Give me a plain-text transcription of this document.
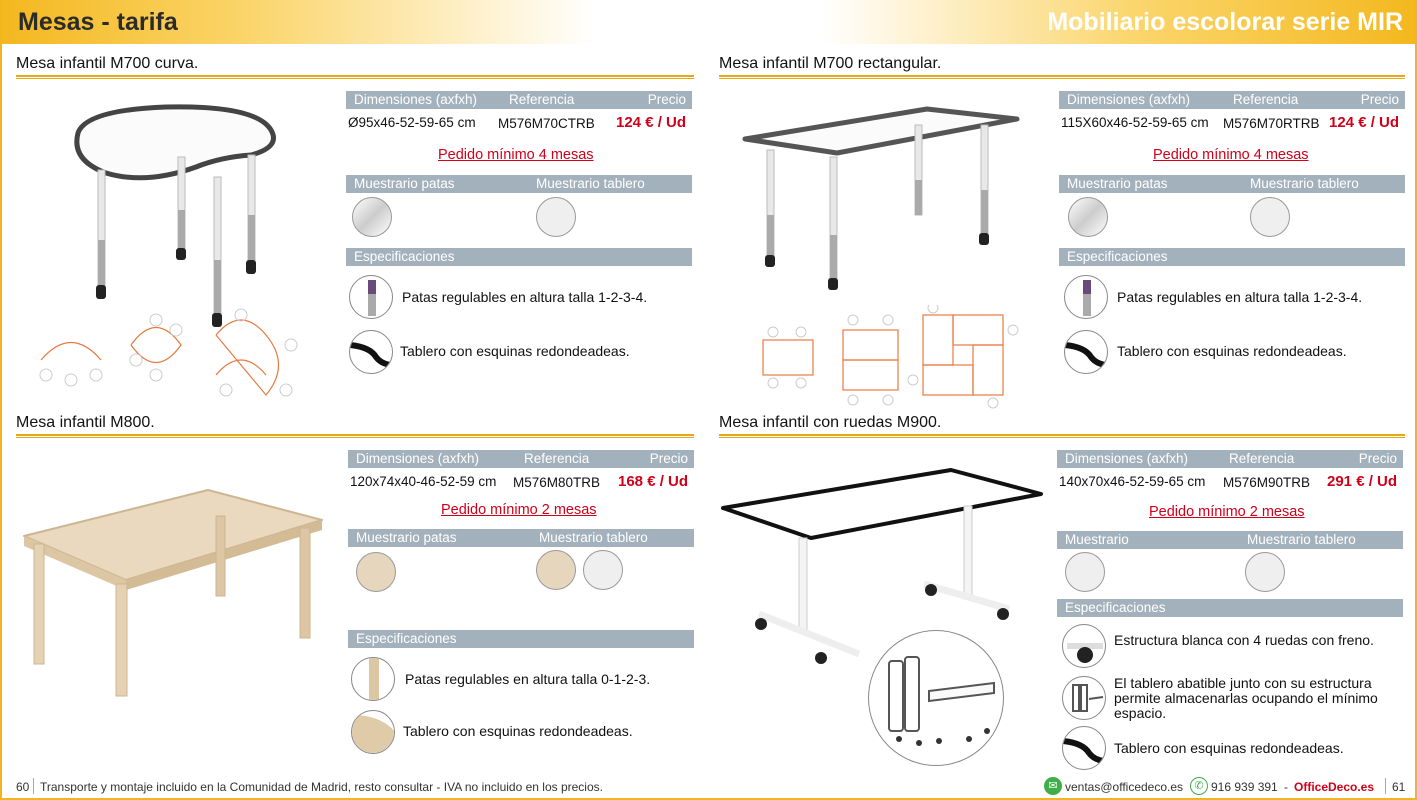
Mesas - tarifa	Mobiliario escolorar serie MIR
Mesa infantil M700 curva.
Dimensiones (axfxh) Referencia	Precio
Ø95x46-52-59-65 cm M576M70CTRB 124 € / Ud
Pedido mínimo 4 mesas
Muestrario patas	Muestrario tablero
Especificaciones
Patas regulables en altura talla 1-2-3-4.
Tablero con esquinas redondeadeas.
Mesa infantil M700 rectangular.
Dimensiones (axfxh)	Referencia	Precio
115X60x46-52-59-65 cm M576M70RTRB 124 € / Ud
Pedido mínimo 4 mesas
Muestrario patas	Muestrario tablero
Especificaciones
Patas regulables en altura talla 1-2-3-4.
Tablero con esquinas redondeadeas.
Mesa infantil M800.
Dimensiones (axfxh)	Referencia	Precio
120x74x40-46-52-59 cm M576M80TRB 168 € / Ud
Pedido mínimo 2 mesas
Muestrario patas	Muestrario tablero
Especificaciones
Patas regulables en altura talla 0-1-2-3.
Tablero con esquinas redondeadeas.
Mesa infantil con ruedas M900.
Dimensiones (axfxh)	Referencia	Precio
140x70x46-52-59-65 cm M576M90TRB 291 € / Ud
Pedido mínimo 2 mesas
Muestrario	Muestrario tablero
Especificaciones
Estructura blanca con 4 ruedas con freno.
El tablero abatible junto con su estructura permite almacenarlas ocupando el mínimo espacio.
Tablero con esquinas redondeadeas.
60 Transporte y montaje incluido en la Comunidad de Madrid, resto consultar - IVA no incluido en los precios.	✉ ventas@officedeco.es	✆ 916 939 391 - OfficeDeco.es 61
